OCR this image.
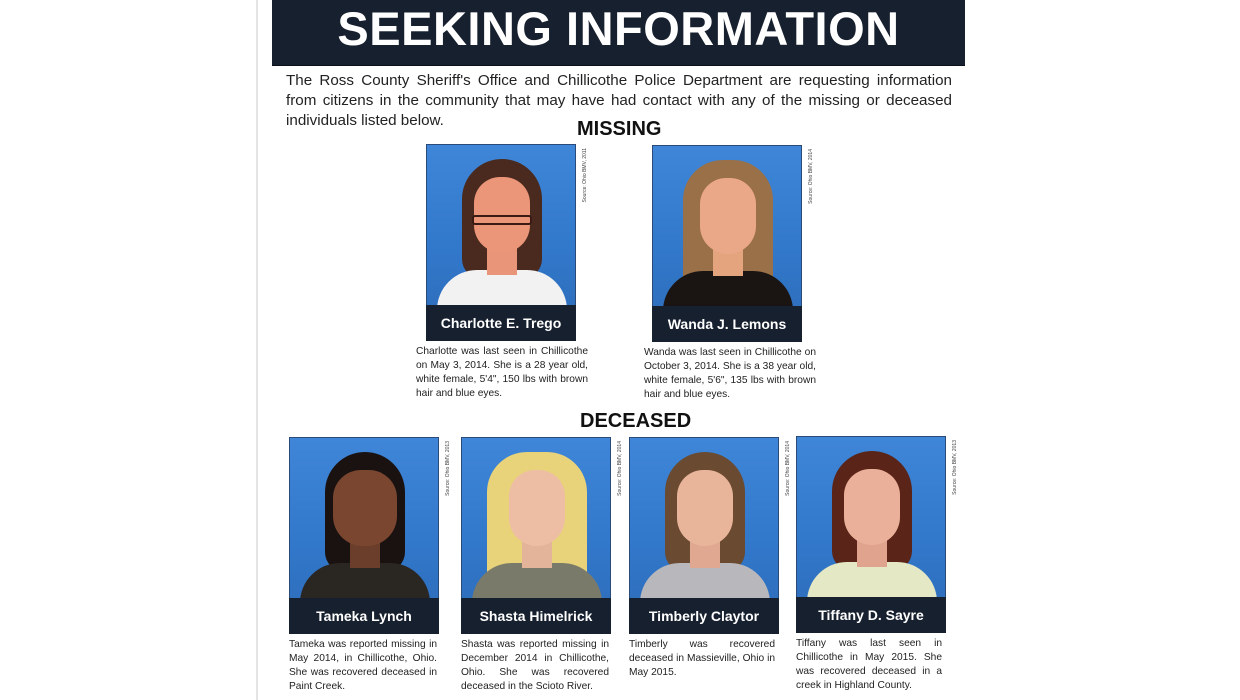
SEEKING INFORMATION
The Ross County Sheriff's Office and Chillicothe Police Department are requesting information from citizens in the community that may have had contact with any of the missing or deceased individuals listed below.	MISSING
Source: Ohio BMV, 2011
Charlotte E. Trego
Charlotte was last seen in Chillicothe on May 3, 2014. She is a 28 year old, white female, 5'4", 150 lbs with brown hair and blue eyes.
Source: Ohio BMV, 2014
Wanda J. Lemons
Wanda was last seen in Chillicothe on October 3, 2014. She is a 38 year old, white female, 5'6", 135 lbs with brown hair and blue eyes.
DECEASED
Source: Ohio BMV, 2013
Tameka Lynch
Tameka was reported missing in May 2014, in Chillicothe, Ohio. She was recovered deceased in Paint Creek.
Source: Ohio BMV, 2014
Shasta Himelrick
Shasta was reported missing in December 2014 in Chillicothe, Ohio. She was recovered deceased in the Scioto River.
Source: Ohio BMV, 2014
Timberly Claytor
Timberly was recovered deceased in Massieville, Ohio in May 2015.
Source: Ohio BMV, 2013
Tiffany D. Sayre
Tiffany was last seen in Chillicothe in May 2015. She was recovered deceased in a creek in Highland County.
